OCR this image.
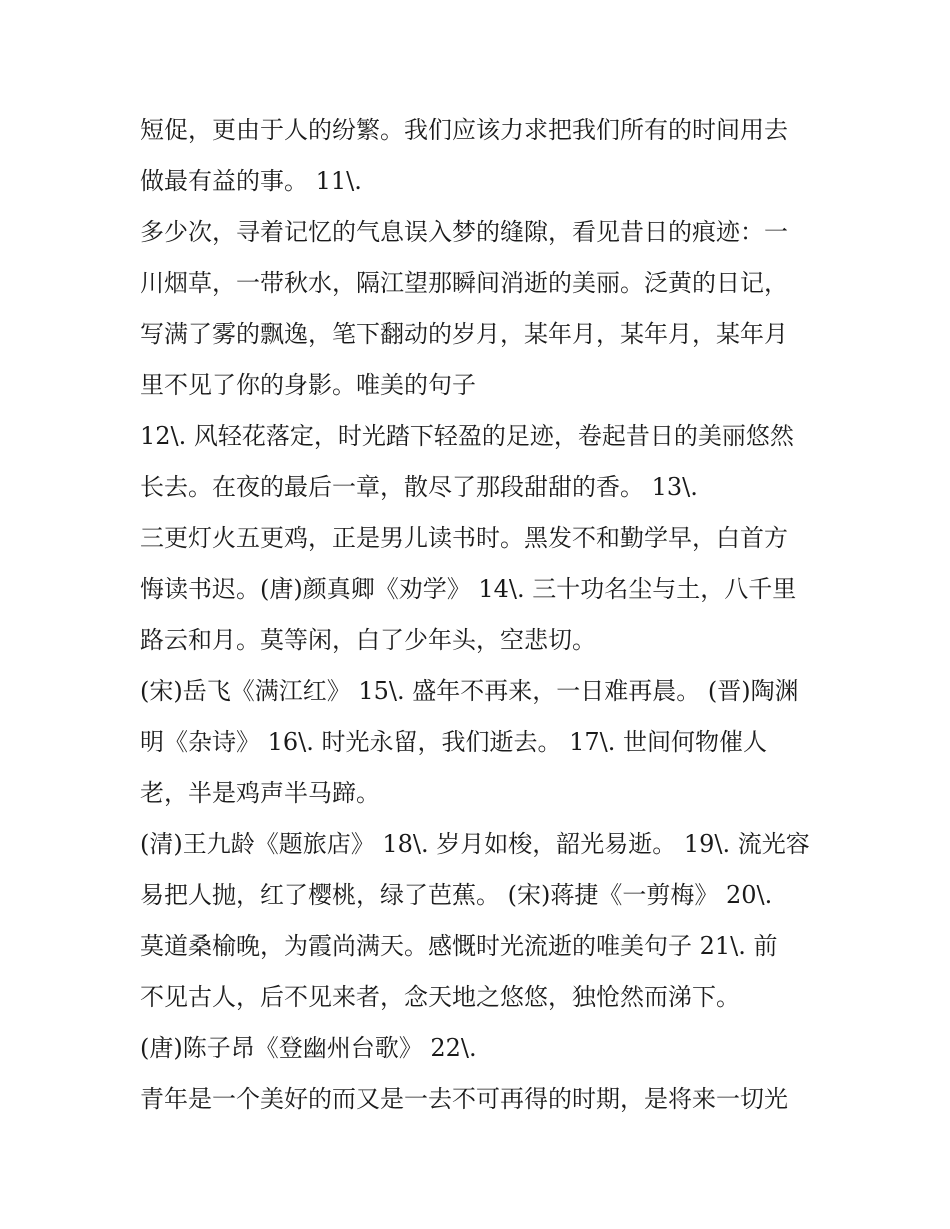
短促，更由于人的纷繁。我们应该力求把我们所有的时间用去
做最有益的事。 11\.
多少次，寻着记忆的气息误入梦的缝隙，看见昔日的痕迹：一
川烟草，一带秋水，隔江望那瞬间消逝的美丽。泛黄的日记，
写满了雾的飘逸，笔下翻动的岁月，某年月，某年月，某年月
里不见了你的身影。唯美的句子
12\. 风轻花落定，时光踏下轻盈的足迹，卷起昔日的美丽悠然
长去。在夜的最后一章，散尽了那段甜甜的香。 13\.
三更灯火五更鸡，正是男儿读书时。黑发不和勤学早，白首方
悔读书迟。(唐)颜真卿《劝学》 14\. 三十功名尘与土，八千里
路云和月。莫等闲，白了少年头，空悲切。
(宋)岳飞《满江红》 15\. 盛年不再来，一日难再晨。 (晋)陶渊
明《杂诗》 16\. 时光永留，我们逝去。 17\. 世间何物催人
老，半是鸡声半马蹄。
(清)王九龄《题旅店》 18\. 岁月如梭，韶光易逝。 19\. 流光容
易把人抛，红了樱桃，绿了芭蕉。 (宋)蒋捷《一剪梅》 20\.
莫道桑榆晚，为霞尚满天。感慨时光流逝的唯美句子 21\. 前
不见古人，后不见来者，念天地之悠悠，独怆然而涕下。
(唐)陈子昂《登幽州台歌》 22\.
青年是一个美好的而又是一去不可再得的时期，是将来一切光
